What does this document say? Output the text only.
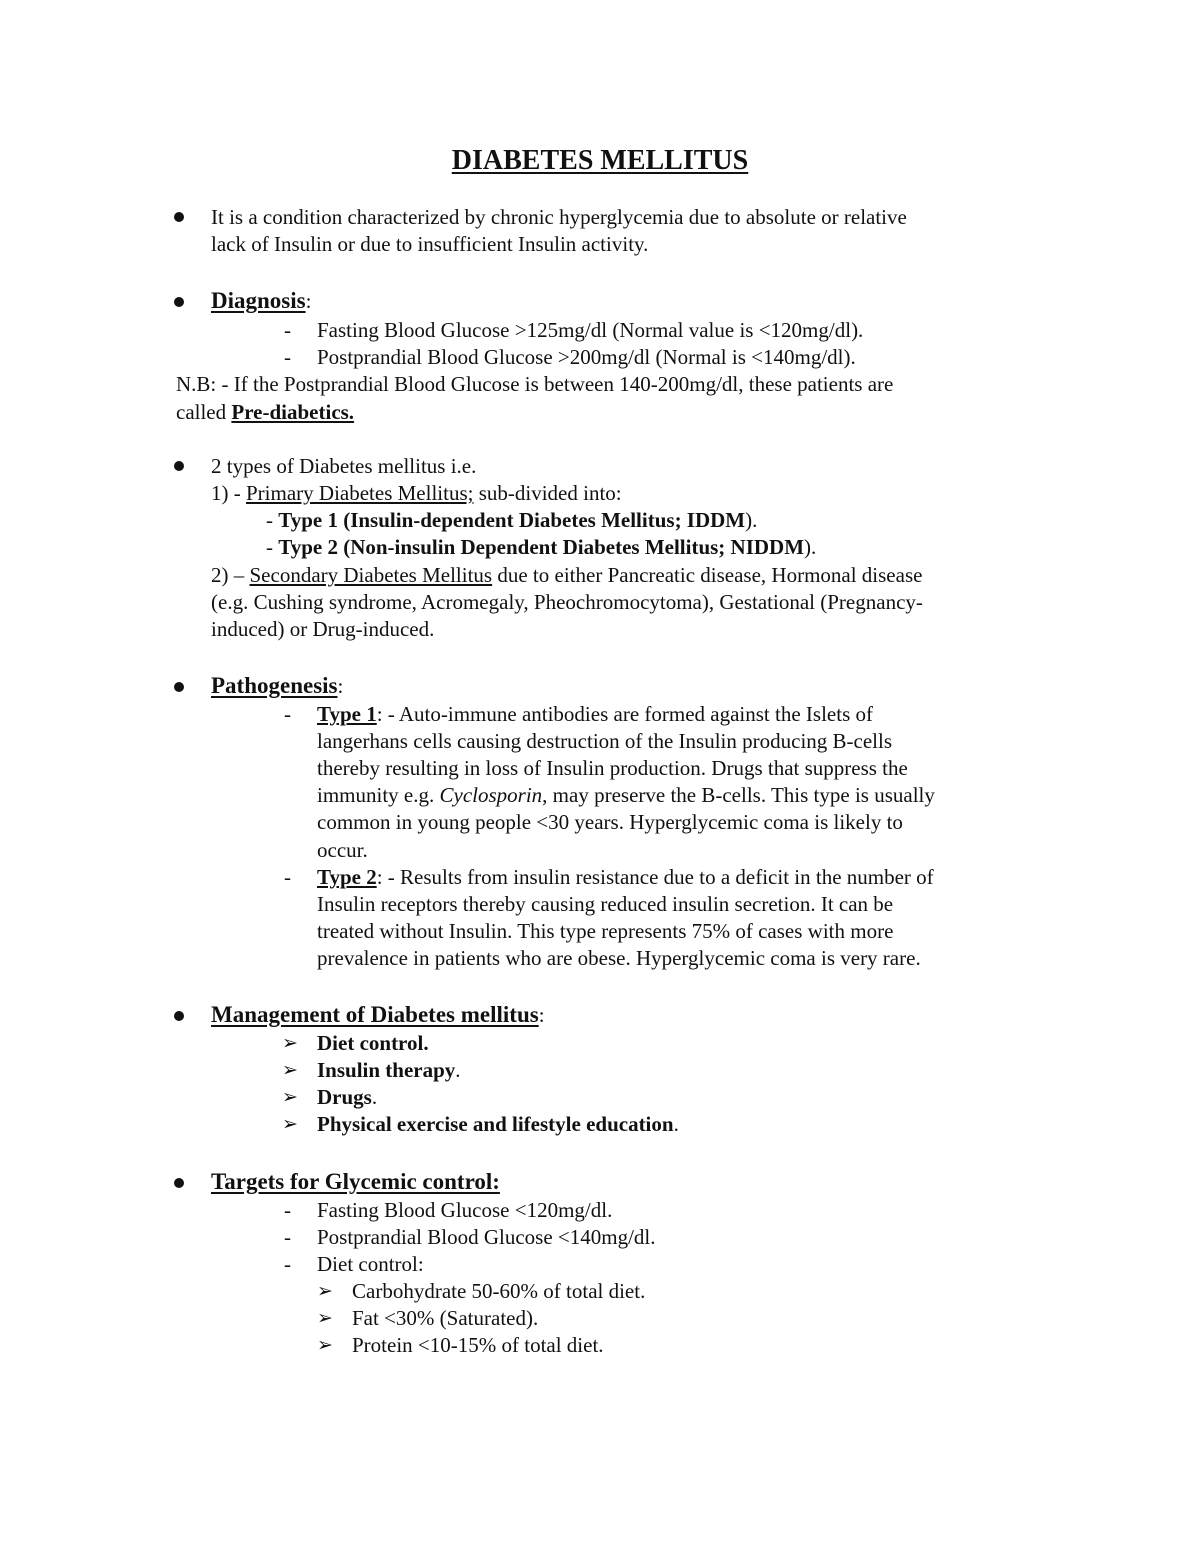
DIABETES MELLITUS
It is a condition characterized by chronic hyperglycemia due to absolute or relative
lack of Insulin or due to insufficient Insulin activity.
Diagnosis:
- Fasting Blood Glucose >125mg/dl (Normal value is <120mg/dl).
- Postprandial Blood Glucose >200mg/dl (Normal is <140mg/dl).
N.B: - If the Postprandial Blood Glucose is between 140-200mg/dl, these patients are
called Pre-diabetics.
2 types of Diabetes mellitus i.e.
1) - Primary Diabetes Mellitus; sub-divided into:
- Type 1 (Insulin-dependent Diabetes Mellitus; IDDM).
- Type 2 (Non-insulin Dependent Diabetes Mellitus; NIDDM).
2) – Secondary Diabetes Mellitus due to either Pancreatic disease, Hormonal disease
(e.g. Cushing syndrome, Acromegaly, Pheochromocytoma), Gestational (Pregnancy-
induced) or Drug-induced.
Pathogenesis:
- Type 1: - Auto-immune antibodies are formed against the Islets of
langerhans cells causing destruction of the Insulin producing B-cells
thereby resulting in loss of Insulin production. Drugs that suppress the
immunity e.g. Cyclosporin, may preserve the B-cells. This type is usually
common in young people <30 years. Hyperglycemic coma is likely to
occur.
- Type 2: - Results from insulin resistance due to a deficit in the number of
Insulin receptors thereby causing reduced insulin secretion. It can be
treated without Insulin. This type represents 75% of cases with more
prevalence in patients who are obese. Hyperglycemic coma is very rare.
Management of Diabetes mellitus:
➢ Diet control.
➢ Insulin therapy.
➢ Drugs.
➢ Physical exercise and lifestyle education.
Targets for Glycemic control:
- Fasting Blood Glucose <120mg/dl.
- Postprandial Blood Glucose <140mg/dl.
- Diet control:
➢ Carbohydrate 50-60% of total diet.
➢ Fat <30% (Saturated).
➢ Protein <10-15% of total diet.
